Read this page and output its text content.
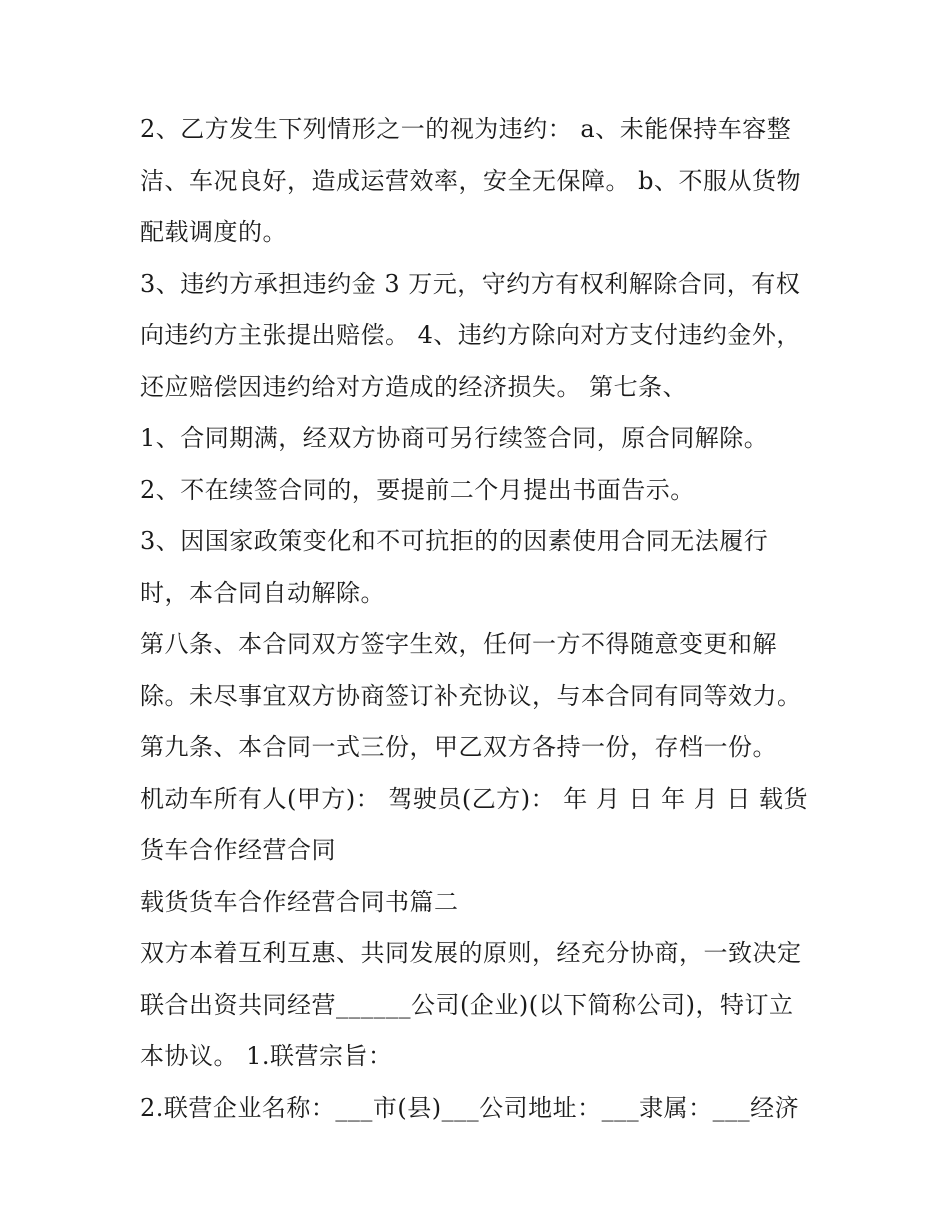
2、乙方发生下列情形之一的视为违约： a、未能保持车容整
洁、车况良好，造成运营效率，安全无保障。 b、不服从货物
配载调度的。
3、违约方承担违约金 3 万元，守约方有权利解除合同，有权
向违约方主张提出赔偿。 4、违约方除向对方支付违约金外，
还应赔偿因违约给对方造成的经济损失。 第七条、
1、合同期满，经双方协商可另行续签合同，原合同解除。
2、不在续签合同的，要提前二个月提出书面告示。
3、因国家政策变化和不可抗拒的的因素使用合同无法履行
时，本合同自动解除。
第八条、本合同双方签字生效，任何一方不得随意变更和解
除。未尽事宜双方协商签订补充协议，与本合同有同等效力。
第九条、本合同一式三份，甲乙双方各持一份，存档一份。
机动车所有人(甲方)： 驾驶员(乙方)： 年 月 日 年 月 日 载货
货车合作经营合同
载货货车合作经营合同书篇二
双方本着互利互惠、共同发展的原则，经充分协商，一致决定
联合出资共同经营______公司(企业)(以下简称公司)，特订立
本协议。 1.联营宗旨：
2.联营企业名称：___市(县)___公司地址：___隶属：___经济
